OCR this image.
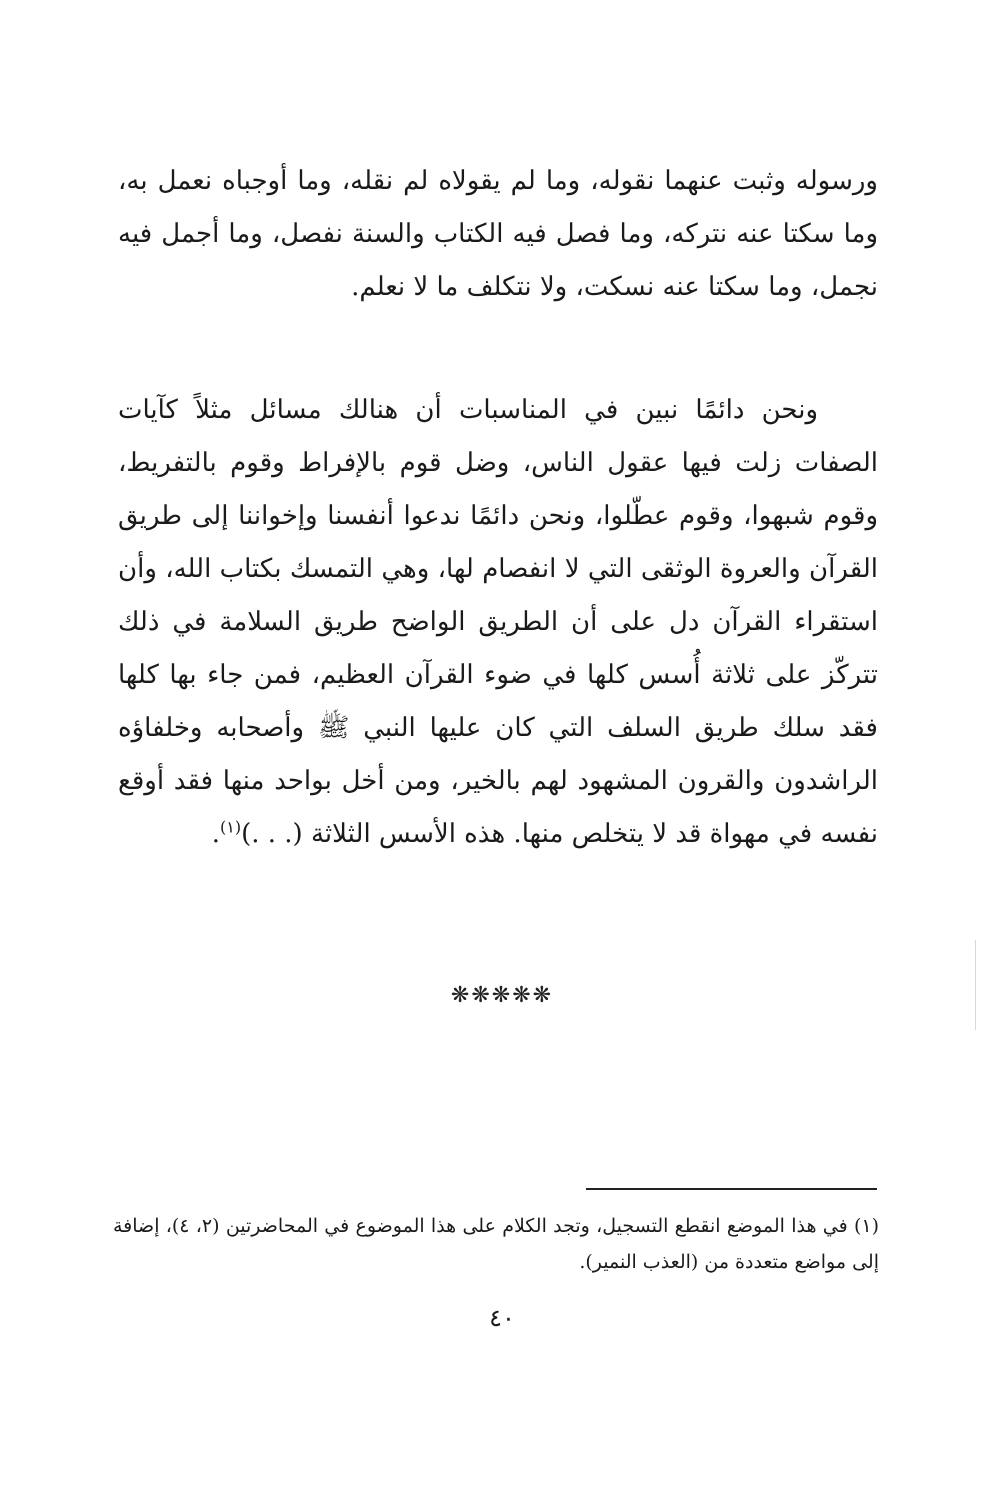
ورسوله وثبت عنهما نقوله، وما لم يقولاه لم نقله، وما أوجباه نعمل به، وما سكتا عنه نتركه، وما فصل فيه الكتاب والسنة نفصل، وما أجمل فيه نجمل، وما سكتا عنه نسكت، ولا نتكلف ما لا نعلم.

ونحن دائمًا نبين في المناسبات أن هنالك مسائل مثلاً كآيات الصفات زلت فيها عقول الناس، وضل قوم بالإفراط وقوم بالتفريط، وقوم شبهوا، وقوم عطّلوا، ونحن دائمًا ندعوا أنفسنا وإخواننا إلى طريق القرآن والعروة الوثقى التي لا انفصام لها، وهي التمسك بكتاب الله، وأن استقراء القرآن دل على أن الطريق الواضح طريق السلامة في ذلك تتركّز على ثلاثة أُسس كلها في ضوء القرآن العظيم، فمن جاء بها كلها فقد سلك طريق السلف التي كان عليها النبي ﷺ وأصحابه وخلفاؤه الراشدون والقرون المشهود لهم بالخير، ومن أخل بواحد منها فقد أوقع نفسه في مهواة قد لا يتخلص منها. هذه الأسس الثلاثة (. . .)$^{(١)}$.

❋❋❋❋❋

(١) في هذا الموضع انقطع التسجيل، وتجد الكلام على هذا الموضوع في المحاضرتين (٢، ٤)، إضافة إلى مواضع متعددة من (العذب النمير).

٤٠
